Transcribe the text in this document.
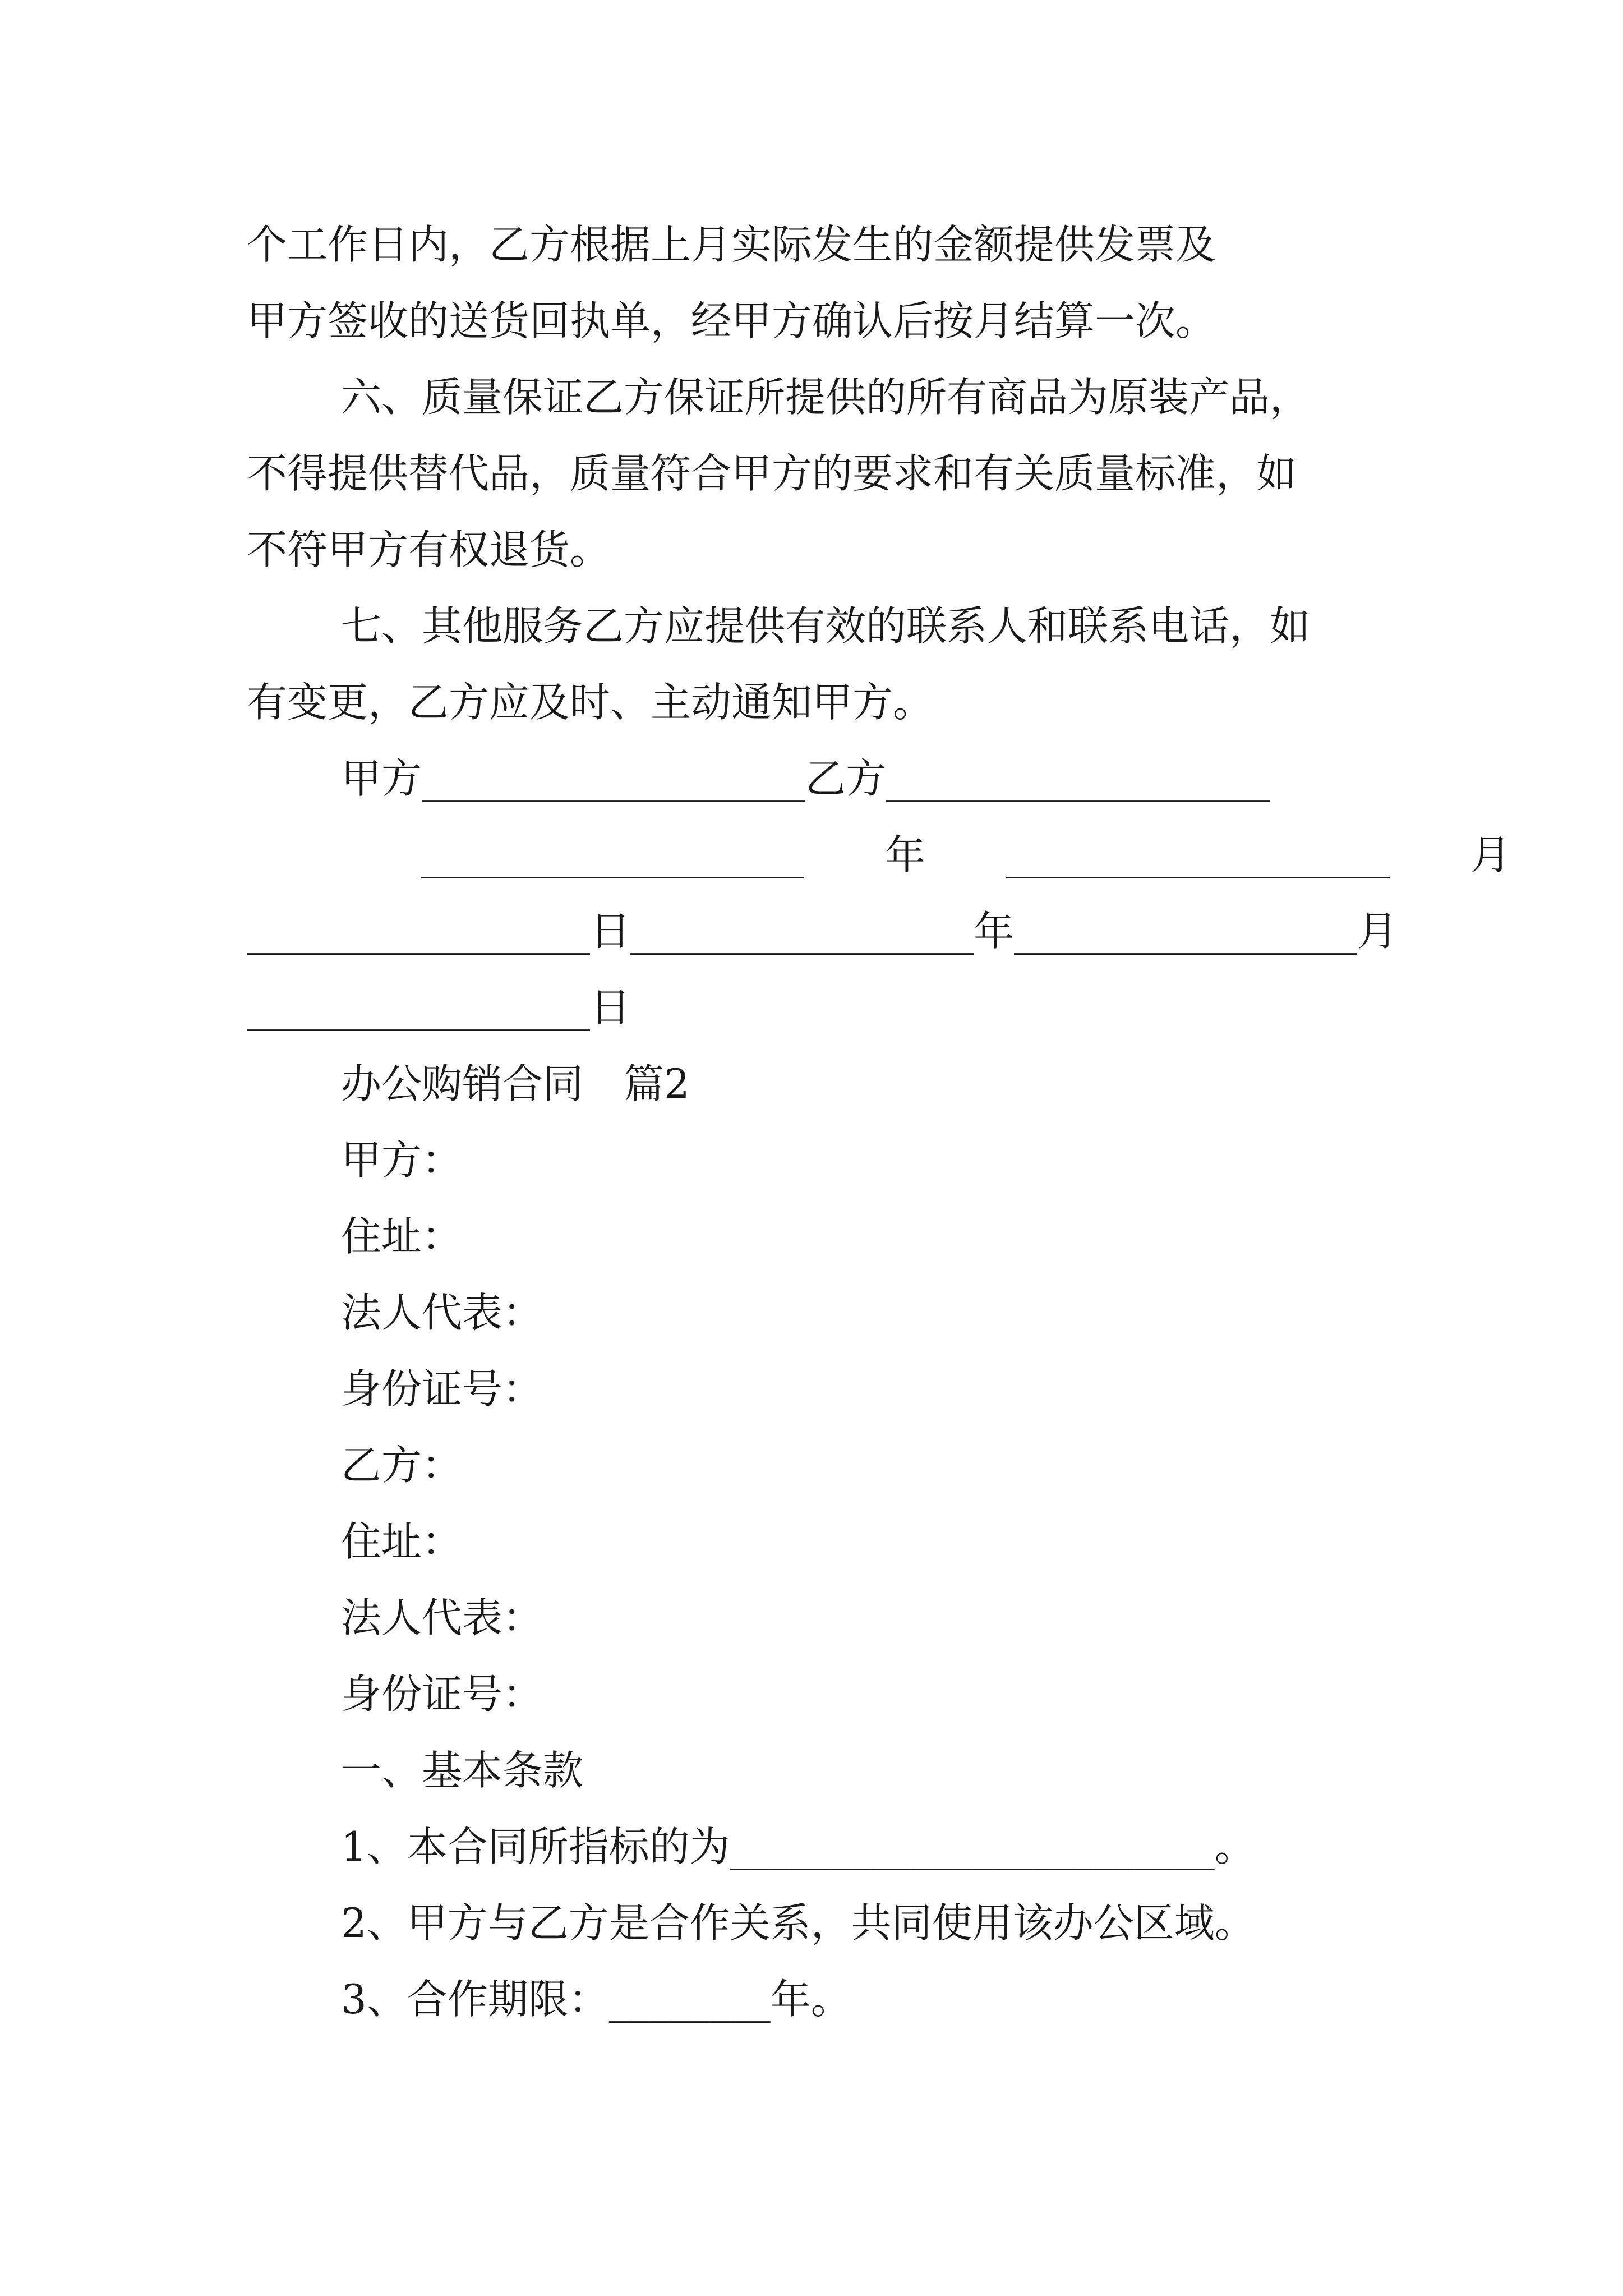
个工作日内，乙方根据上月实际发生的金额提供发票及
甲方签收的送货回执单，经甲方确认后按月结算一次。
六、质量保证乙方保证所提供的所有商品为原装产品，
不得提供替代品，质量符合甲方的要求和有关质量标准，如
不符甲方有权退货。
七、其他服务乙方应提供有效的联系人和联系电话，如
有变更，乙方应及时、主动通知甲方。
甲方___________________乙方___________________
___________________　　年　　___________________　　月
_________________日_________________年_________________月
_________________日
办公购销合同　篇2
甲方：
住址：
法人代表：
身份证号：
乙方：
住址：
法人代表：
身份证号：
一、基本条款
1、本合同所指标的为________________________。
2、甲方与乙方是合作关系，共同使用该办公区域。
3、合作期限：________年。
